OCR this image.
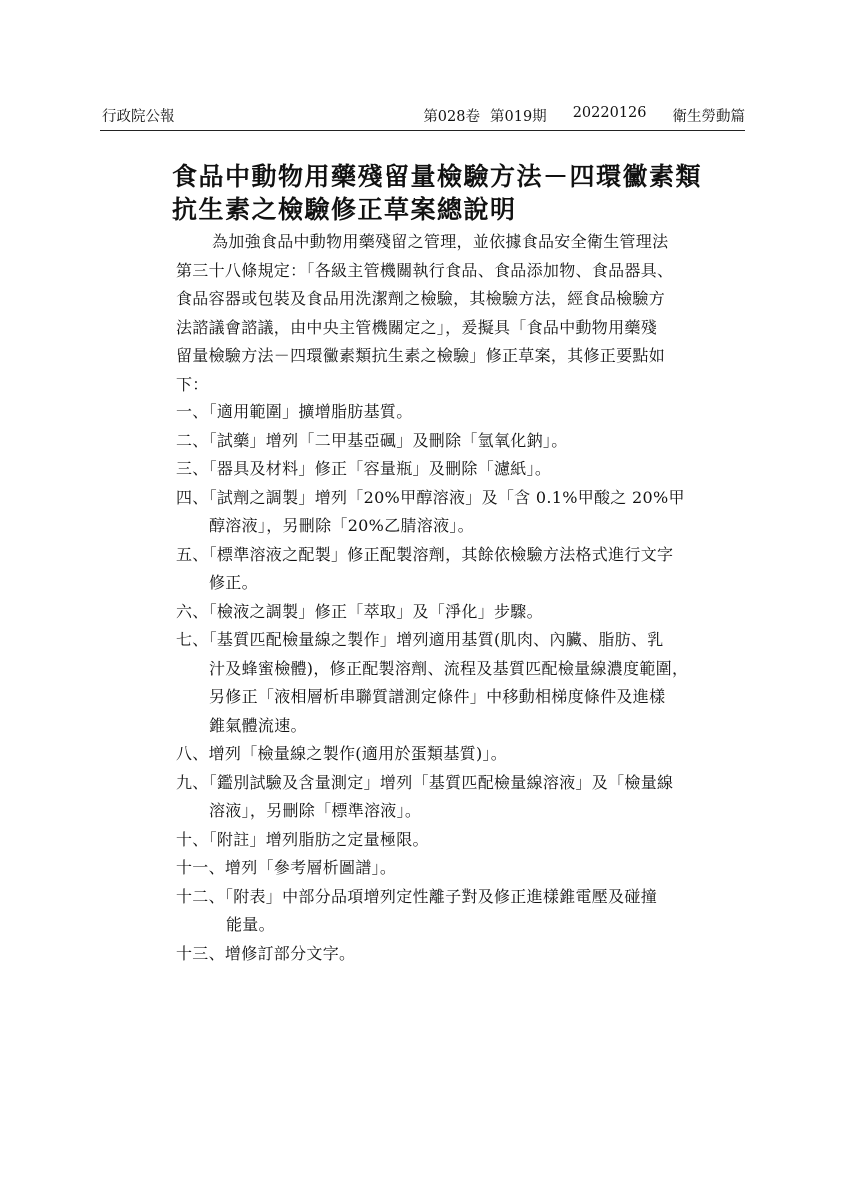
行政院公報	第028卷 第019期 20220126 衛生勞動篇
食品中動物用藥殘留量檢驗方法－四環黴素類
抗生素之檢驗修正草案總說明
為加強食品中動物用藥殘留之管理，並依據食品安全衛生管理法
第三十八條規定：「各級主管機關執行食品、食品添加物、食品器具、
食品容器或包裝及食品用洗潔劑之檢驗，其檢驗方法，經食品檢驗方
法諮議會諮議，由中央主管機關定之」，爰擬具「食品中動物用藥殘
留量檢驗方法－四環黴素類抗生素之檢驗」修正草案，其修正要點如
下：
一、「適用範圍」擴增脂肪基質。
二、「試藥」增列「二甲基亞碸」及刪除「氫氧化鈉」。
三、「器具及材料」修正「容量瓶」及刪除「濾紙」。
四、「試劑之調製」增列「20%甲醇溶液」及「含 0.1%甲酸之 20%甲
醇溶液」，另刪除「20%乙腈溶液」。
五、「標準溶液之配製」修正配製溶劑，其餘依檢驗方法格式進行文字
修正。
六、「檢液之調製」修正「萃取」及「淨化」步驟。
七、「基質匹配檢量線之製作」增列適用基質(肌肉、內臟、脂肪、乳
汁及蜂蜜檢體)，修正配製溶劑、流程及基質匹配檢量線濃度範圍，
另修正「液相層析串聯質譜測定條件」中移動相梯度條件及進樣
錐氣體流速。
八、增列「檢量線之製作(適用於蛋類基質)」。
九、「鑑別試驗及含量測定」增列「基質匹配檢量線溶液」及「檢量線
溶液」，另刪除「標準溶液」。
十、「附註」增列脂肪之定量極限。
十一、增列「參考層析圖譜」。
十二、「附表」中部分品項增列定性離子對及修正進樣錐電壓及碰撞
能量。
十三、增修訂部分文字。
